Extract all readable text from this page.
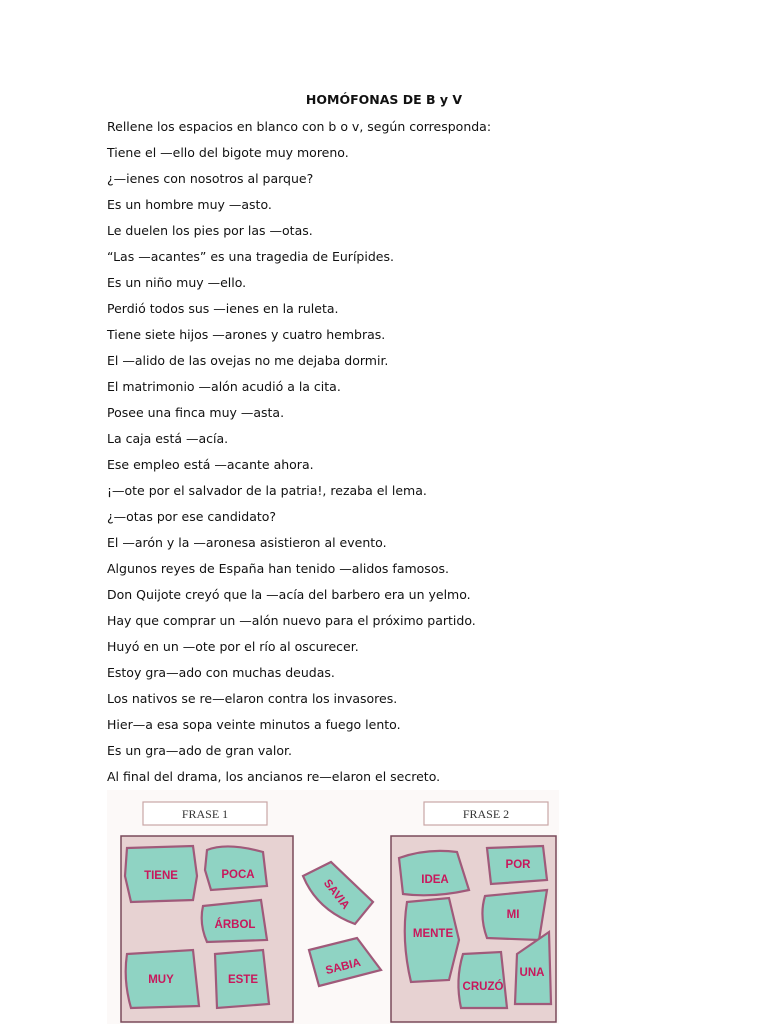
HOMÓFONAS DE B y V
Rellene los espacios en blanco con b o v, según corresponda:
Tiene el —ello del bigote muy moreno.
¿—ienes con nosotros al parque?
Es un hombre muy —asto.
Le duelen los pies por las —otas.
“Las —acantes” es una tragedia de Eurípides.
Es un niño muy —ello.
Perdió todos sus —ienes en la ruleta.
Tiene siete hijos —arones y cuatro hembras.
El —alido de las ovejas no me dejaba dormir.
El matrimonio —alón acudió a la cita.
Posee una finca muy —asta.
La caja está —acía.
Ese empleo está —acante ahora.
¡—ote por el salvador de la patria!, rezaba el lema.
¿—otas por ese candidato?
El —arón y la —aronesa asistieron al evento.
Algunos reyes de España han tenido —alidos famosos.
Don Quijote creyó que la —acía del barbero era un yelmo.
Hay que comprar un —alón nuevo para el próximo partido.
Huyó en un —ote por el río al oscurecer.
Estoy gra—ado con muchas deudas.
Los nativos se re—elaron contra los invasores.
Hier—a esa sopa veinte minutos a fuego lento.
Es un gra—ado de gran valor.
Al final del drama, los ancianos re—elaron el secreto.
FRASE 1	FRASE 2
TIENE	POCA
ÁRBOL
MUY	ESTE
SAVIA
SABIA
IDEA
POR
MI
MENTE
UNA
CRUZÓ
